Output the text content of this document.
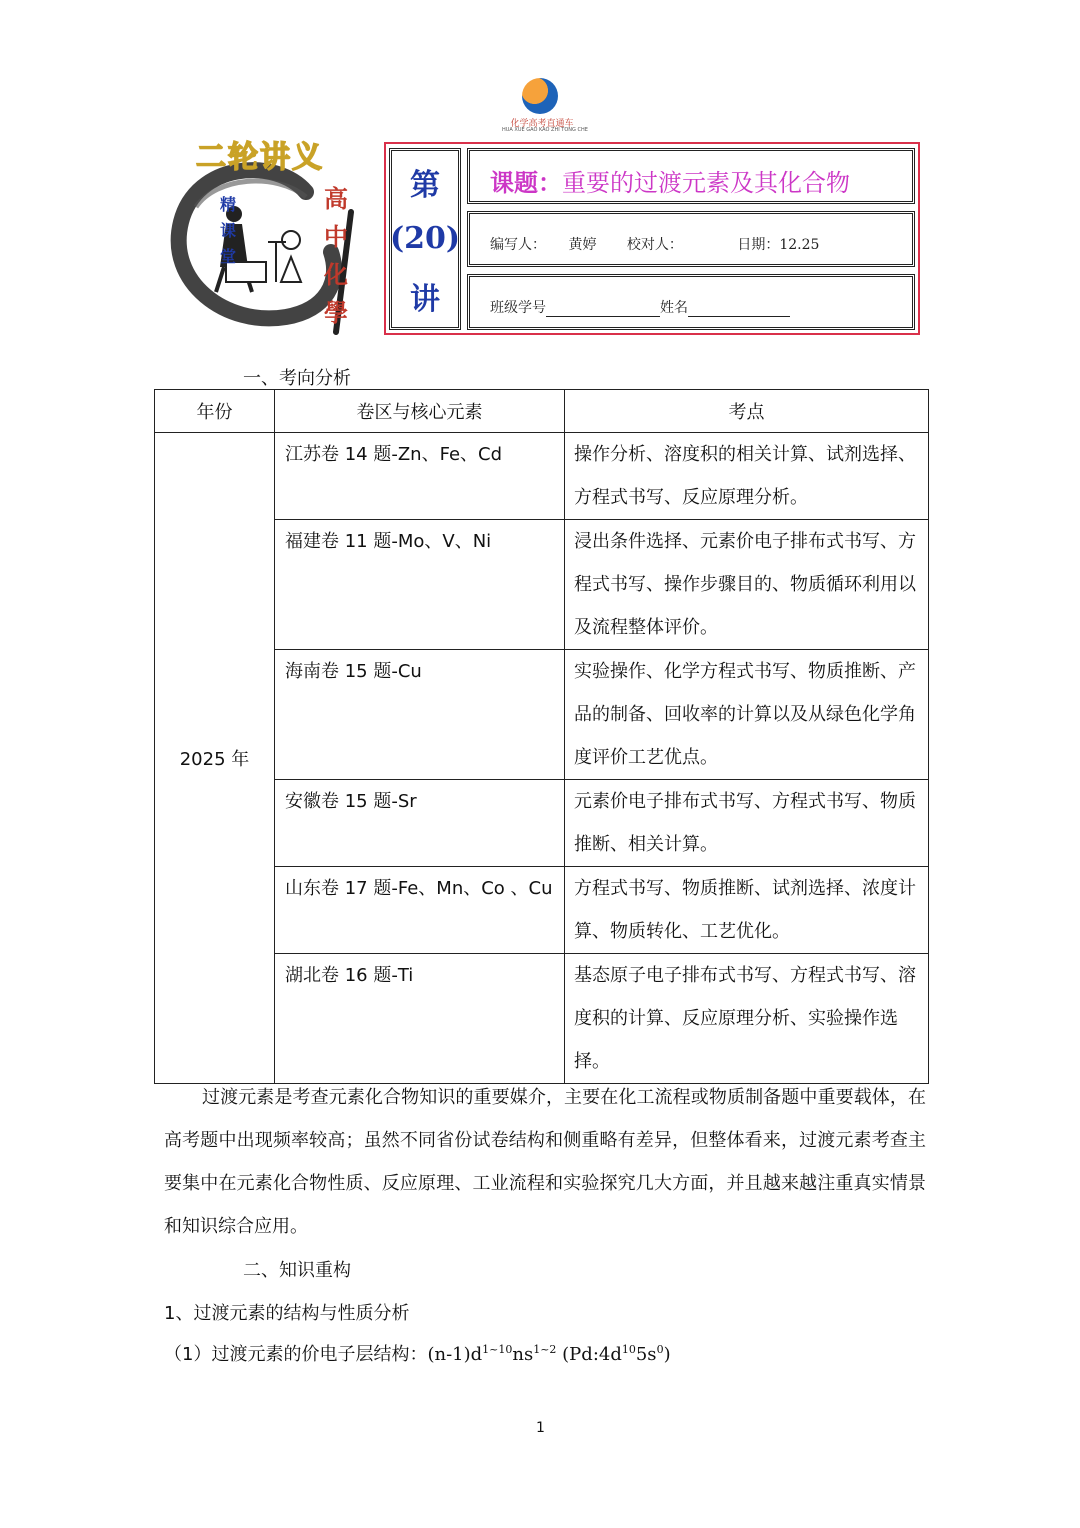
化学高考直通车
HUA XUE GAO KAO ZHI TONG CHE
二轮讲义
精课堂
高中化學
第
(20)
讲
课题：重要的过渡元素及其化合物
编写人： 黄婷 校对人：	日期：12.25
班级学号	姓名
一、考向分析
年份	卷区与核心元素	考点
2025 年	江苏卷 14 题-Zn、Fe、Cd	操作分析、溶度积的相关计算、试剂选择、方程式书写、反应原理分析。

	福建卷 11 题-Mo、V、Ni	浸出条件选择、元素价电子排布式书写、方程式书写、操作步骤目的、物质循环利用以及流程整体评价。

	海南卷 15 题-Cu	实验操作、化学方程式书写、物质推断、产品的制备、回收率的计算以及从绿色化学角度评价工艺优点。

	安徽卷 15 题-Sr	元素价电子排布式书写、方程式书写、物质推断、相关计算。

	山东卷 17 题-Fe、Mn、Co 、Cu	方程式书写、物质推断、试剂选择、浓度计算、物质转化、工艺优化。

	湖北卷 16 题-Ti	基态原子电子排布式书写、方程式书写、溶度积的计算、反应原理分析、实验操作选择。
过渡元素是考查元素化合物知识的重要媒介，主要在化工流程或物质制备题中重要载体，在高考题中出现频率较高；虽然不同省份试卷结构和侧重略有差异，但整体看来，过渡元素考查主要集中在元素化合物性质、反应原理、工业流程和实验探究几大方面，并且越来越注重真实情景和知识综合应用。
二、知识重构
1、过渡元素的结构与性质分析
（1）过渡元素的价电子层结构：$(n-1)d^{1\sim 10}ns^{1\sim 2}$ $(Pd:4d^{10}5s^0)$
1
